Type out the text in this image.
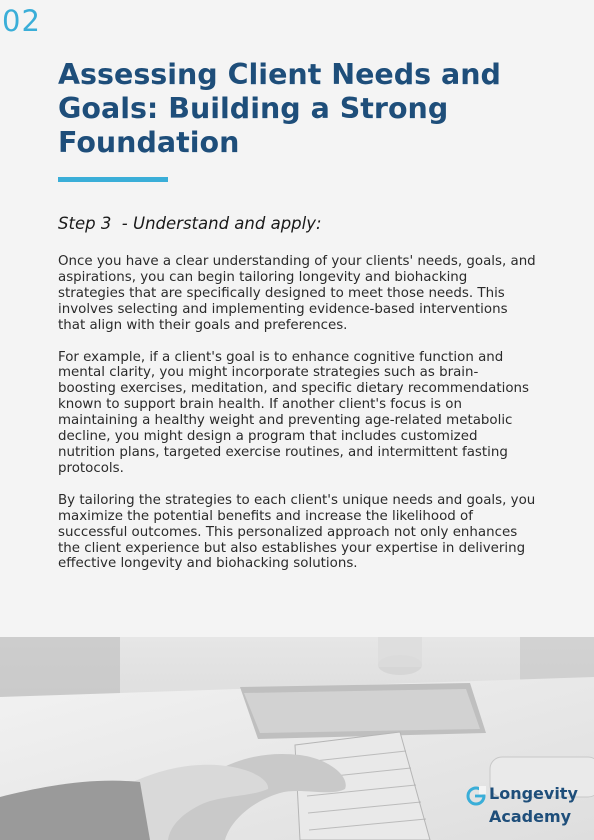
02
Assessing Client Needs and Goals: Building a Strong Foundation
Step 3  - Understand and apply:

Once you have a clear understanding of your clients' needs, goals, and aspirations, you can begin tailoring longevity and biohacking strategies that are specifically designed to meet those needs. This involves selecting and implementing evidence-based interventions that align with their goals and preferences.

For example, if a client's goal is to enhance cognitive function and mental clarity, you might incorporate strategies such as brain-boosting exercises, meditation, and specific dietary recommendations known to support brain health. If another client's focus is on maintaining a healthy weight and preventing age-related metabolic decline, you might design a program that includes customized nutrition plans, targeted exercise routines, and intermittent fasting protocols.

By tailoring the strategies to each client's unique needs and goals, you maximize the potential benefits and increase the likelihood of successful outcomes. This personalized approach not only enhances the client experience but also establishes your expertise in delivering effective longevity and biohacking solutions.

Longevity
Academy
